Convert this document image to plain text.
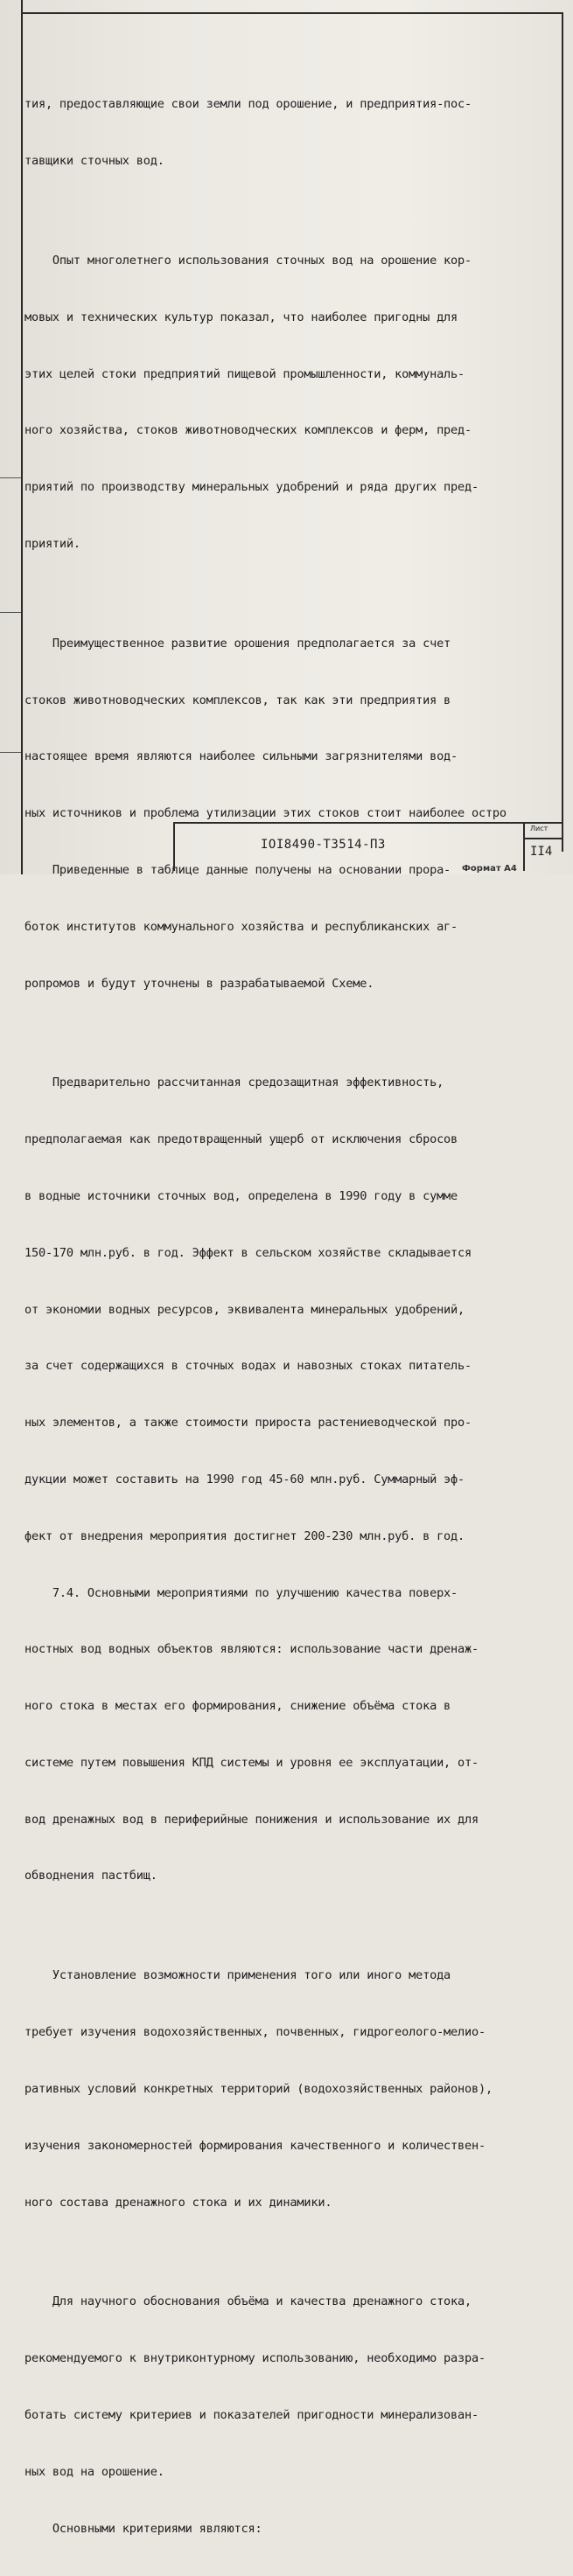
тия, предоставляющие свои земли под орошение, и предприятия-пос-

тавщики сточных вод.

Опыт многолетнего использования сточных вод на орошение кор-

мовых и технических культур показал, что наиболее пригодны для

этих целей стоки предприятий пищевой промышленности, коммуналь-

ного хозяйства, стоков животноводческих комплексов и ферм, пред-

приятий по производству минеральных удобрений и ряда других пред-

приятий.

Преимущественное развитие орошения предполагается за счет

стоков животноводческих комплексов, так как эти предприятия в

настоящее время являются наиболее сильными загрязнителями вод-

ных источников и проблема утилизации этих стоков стоит наиболее остро

Приведенные в таблице данные получены на основании прора-

боток институтов коммунального хозяйства и республиканских аг-

ропромов и будут уточнены в разрабатываемой Схеме.

Предварительно рассчитанная средозащитная эффективность,

предполагаемая как предотвращенный ущерб от исключения сбросов

в водные источники сточных вод, определена в 1990 году в сумме

150-170 млн.руб. в год. Эффект в сельском хозяйстве складывается

от экономии водных ресурсов, эквивалента минеральных удобрений,

за счет содержащихся в сточных водах и навозных стоках питатель-

ных элементов, а также стоимости прироста растениеводческой про-

дукции может составить на 1990 год 45-60 млн.руб. Суммарный эф-

фект от внедрения мероприятия достигнет 200-230 млн.руб. в год.

7.4. Основными мероприятиями по улучшению качества поверх-

ностных вод водных объектов являются: использование части дренаж-

ного стока в местах его формирования, снижение объёма стока в

системе путем повышения КПД системы и уровня ее эксплуатации, от-

вод дренажных вод в периферийные понижения и использование их для

обводнения пастбищ.

Установление возможности применения того или иного метода

требует изучения водохозяйственных, почвенных, гидрогеолого-мелио-

ративных условий конкретных территорий (водохозяйственных районов),

изучения закономерностей формирования качественного и количествен-

ного состава дренажного стока и их динамики.

Для научного обоснования объёма и качества дренажного стока,

рекомендуемого к внутриконтурному использованию, необходимо разра-

ботать систему критериев и показателей пригодности минерализован-

ных вод на орошение.

Основными критериями являются:

IOI8490-Т3514-ПЗ
Лист
II4
Формат А4
